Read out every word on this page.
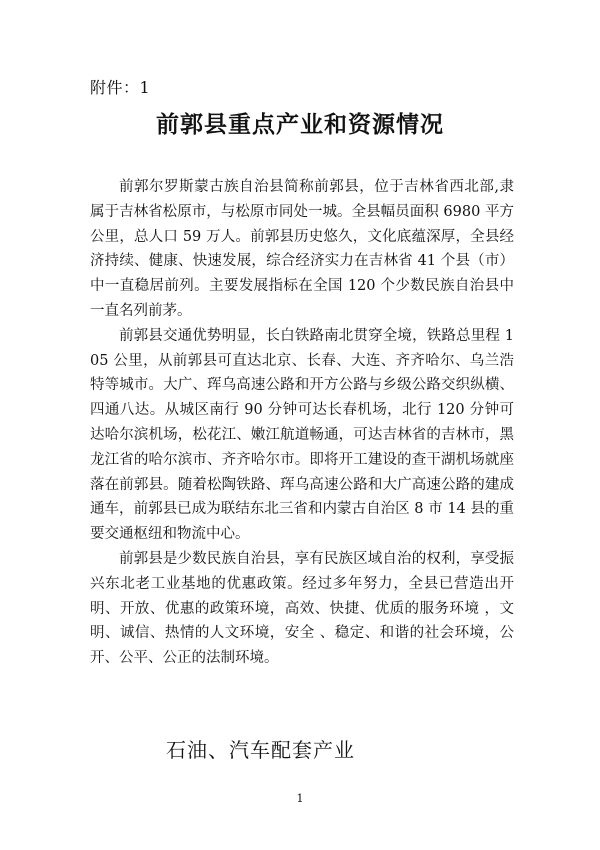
附件：1
前郭县重点产业和资源情况

前郭尔罗斯蒙古族自治县简称前郭县，位于吉林省西北部,隶属于吉林省松原市，与松原市同处一城。全县幅员面积 6980 平方公里，总人口 59 万人。前郭县历史悠久，文化底蕴深厚，全县经济持续、健康、快速发展，综合经济实力在吉林省 41 个县（市）中一直稳居前列。主要发展指标在全国 120 个少数民族自治县中一直名列前茅。

前郭县交通优势明显，长白铁路南北贯穿全境，铁路总里程 105 公里，从前郭县可直达北京、长春、大连、齐齐哈尔、乌兰浩特等城市。大广、珲乌高速公路和开方公路与乡级公路交织纵横、四通八达。从城区南行 90 分钟可达长春机场，北行 120 分钟可达哈尔滨机场，松花江、嫩江航道畅通，可达吉林省的吉林市，黑龙江省的哈尔滨市、齐齐哈尔市。即将开工建设的查干湖机场就座落在前郭县。随着松陶铁路、珲乌高速公路和大广高速公路的建成通车，前郭县已成为联结东北三省和内蒙古自治区 8 市 14 县的重要交通枢纽和物流中心。

前郭县是少数民族自治县，享有民族区域自治的权利，享受振兴东北老工业基地的优惠政策。经过多年努力，全县已营造出开明、开放、优惠的政策环境，高效、快捷、优质的服务环境 ，文明、诚信、热情的人文环境，安全 、稳定、和谐的社会环境，公开、公平、公正的法制环境。

石油、汽车配套产业
1
